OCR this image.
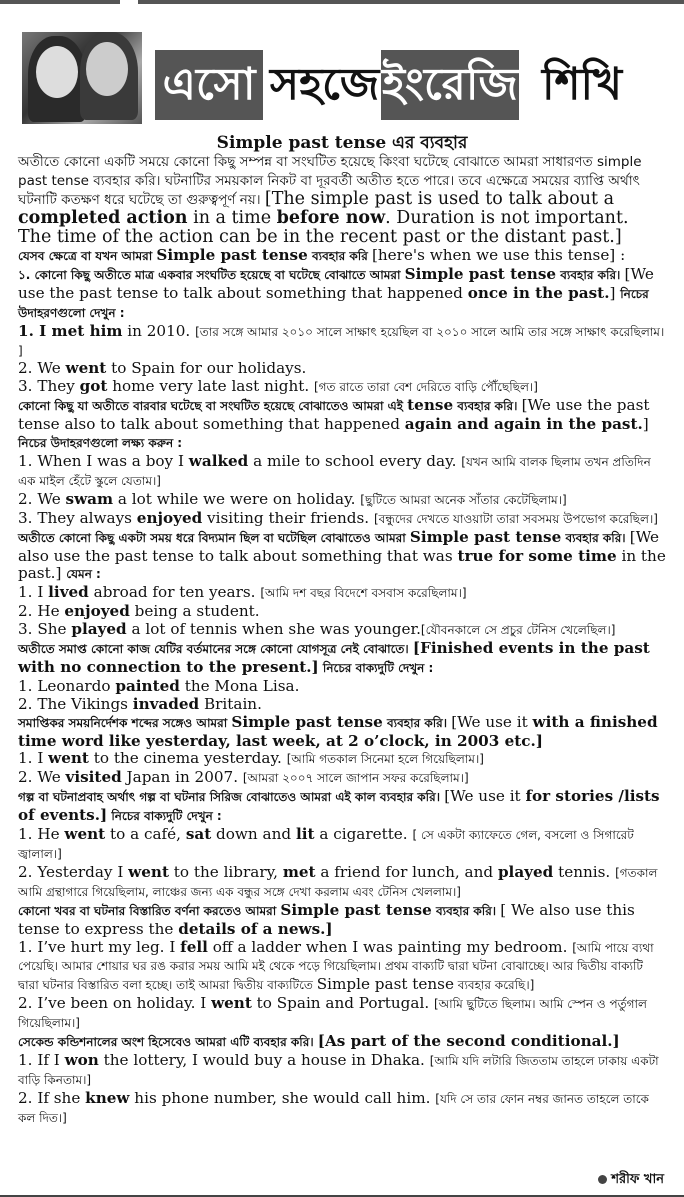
এসো সহজে ইংরেজি শিখি
Simple past tense এর ব্যবহার

অতীতে কোনো একটি সময়ে কোনো কিছু সম্পন্ন বা সংঘটিত হয়েছে কিংবা ঘটেছে বোঝাতে আমরা সাধারণত simple past tense ব্যবহার করি। ঘটনাটির সময়কাল নিকট বা দূরবর্তী অতীত হতে পারে। তবে এক্ষেত্রে সময়ের ব্যাপ্তি অর্থাৎ ঘটনাটি কতক্ষণ ধরে ঘটেছে তা গুরুত্বপূর্ণ নয়। [The simple past is used to talk about a completed action in a time before now. Duration is not important. The time of the action can be in the recent past or the distant past.]

যেসব ক্ষেত্রে বা যখন আমরা Simple past tense ব্যবহার করি [here's when we use this tense] :
১. কোনো কিছু অতীতে মাত্র একবার সংঘটিত হয়েছে বা ঘটেছে বোঝাতে আমরা Simple past tense ব্যবহার করি। [We use the past tense to talk about something that happened once in the past.] নিচের উদাহরণগুলো দেখুন :
1. I met him in 2010. [তার সঙ্গে আমার ২০১০ সালে সাক্ষাৎ হয়েছিল বা ২০১০ সালে আমি তার সঙ্গে সাক্ষাৎ করেছিলাম। ]
2. We went to Spain for our holidays.
3. They got home very late last night. [গত রাতে তারা বেশ দেরিতে বাড়ি পৌঁছেছিল।]
কোনো কিছু যা অতীতে বারবার ঘটেছে বা সংঘটিত হয়েছে বোঝাতেও আমরা এই tense ব্যবহার করি। [We use the past tense also to talk about something that happened again and again in the past.] নিচের উদাহরণগুলো লক্ষ্য করুন :
1. When I was a boy I walked a mile to school every day. [যখন আমি বালক ছিলাম তখন প্রতিদিন এক মাইল হেঁটে স্কুলে যেতাম।]
2. We swam a lot while we were on holiday. [ছুটিতে আমরা অনেক সাঁতার কেটেছিলাম।]
3. They always enjoyed visiting their friends. [বন্ধুদের দেখতে যাওয়াটা তারা সবসময় উপভোগ করেছিল।]
অতীতে কোনো কিছু একটা সময় ধরে বিদ্যমান ছিল বা ঘটেছিল বোঝাতেও আমরা Simple past tense ব্যবহার করি। [We also use the past tense to talk about something that was true for some time in the past.] যেমন :
1. I lived abroad for ten years. [আমি দশ বছর বিদেশে বসবাস করেছিলাম।]
2. He enjoyed being a student.
3. She played a lot of tennis when she was younger.[যৌবনকালে সে প্রচুর টেনিস খেলেছিল।]
অতীতে সমাপ্ত কোনো কাজ যেটির বর্তমানের সঙ্গে কোনো যোগসূত্র নেই বোঝাতে। [Finished events in the past with no connection to the present.] নিচের বাক্যদুটি দেখুন :
1. Leonardo painted the Mona Lisa.
2. The Vikings invaded Britain.
সমাপ্তিকর সময়নির্দেশক শব্দের সঙ্গেও আমরা Simple past tense ব্যবহার করি। [We use it with a finished time word like yesterday, last week, at 2 o’clock, in 2003 etc.]
1. I went to the cinema yesterday. [আমি গতকাল সিনেমা হলে গিয়েছিলাম।]
2. We visited Japan in 2007. [আমরা ২০০৭ সালে জাপান সফর করেছিলাম।]
গল্প বা ঘটনাপ্রবাহ অর্থাৎ গল্প বা ঘটনার সিরিজ বোঝাতেও আমরা এই কাল ব্যবহার করি। [We use it for stories /lists of events.] নিচের বাক্যদুটি দেখুন :
1. He went to a café, sat down and lit a cigarette. [ সে একটা ক্যাফেতে গেল, বসলো ও সিগারেট জ্বালাল।]
2. Yesterday I went to the library, met a friend for lunch, and played tennis. [গতকাল আমি গ্রন্থাগারে গিয়েছিলাম, লাঞ্চের জন্য এক বন্ধুর সঙ্গে দেখা করলাম এবং টেনিস খেললাম।]
কোনো খবর বা ঘটনার বিস্তারিত বর্ণনা করতেও আমরা Simple past tense ব্যবহার করি। [ We also use this tense to express the details of a news.]
1. I’ve hurt my leg. I fell off a ladder when I was painting my bedroom. [আমি পায়ে ব্যথা পেয়েছি। আমার শোয়ার ঘর রঙ করার সময় আমি মই থেকে পড়ে গিয়েছিলাম। প্রথম বাক্যটি দ্বারা ঘটনা বোঝাচ্ছে। আর দ্বিতীয় বাক্যটি দ্বারা ঘটনার বিস্তারিত বলা হচ্ছে। তাই আমরা দ্বিতীয় বাক্যটিতে Simple past tense ব্যবহার করেছি।]
2. I’ve been on holiday. I went to Spain and Portugal. [আমি ছুটিতে ছিলাম। আমি স্পেন ও পর্তুগাল গিয়েছিলাম।]
সেকেন্ড কন্ডিশনালের অংশ হিসেবেও আমরা এটি ব্যবহার করি। [As part of the second conditional.]
1. If I won the lottery, I would buy a house in Dhaka. [আমি যদি লটারি জিততাম তাহলে ঢাকায় একটা বাড়ি কিনতাম।]
2. If she knew his phone number, she would call him. [যদি সে তার ফোন নম্বর জানত তাহলে তাকে কল দিত।]
শরীফ খান
